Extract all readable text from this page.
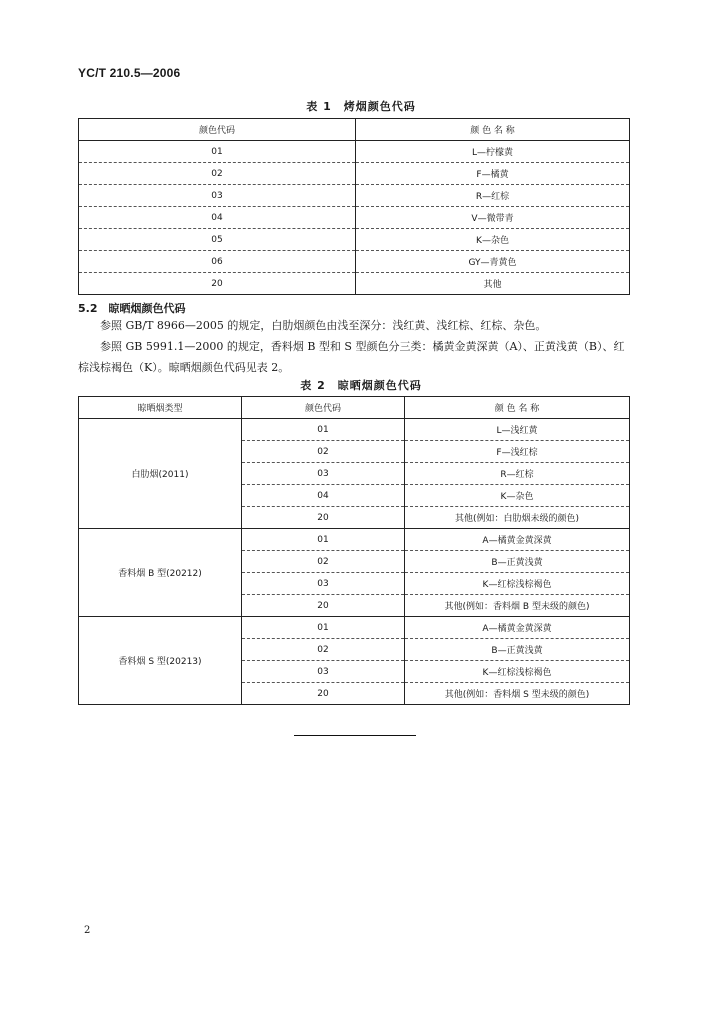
YC/T 210.5—2006
表 1　烤烟颜色代码
颜色代码	颜 色 名 称
01	L—柠檬黄
02	F—橘黄
03	R—红棕
04	V—微带青
05	K—杂色
06	GY—青黄色
20	其他
5.2　晾晒烟颜色代码
参照 GB/T 8966—2005 的规定，白肋烟颜色由浅至深分：浅红黄、浅红棕、红棕、杂色。
参照 GB 5991.1—2000 的规定，香料烟 B 型和 S 型颜色分三类：橘黄金黄深黄（A）、正黄浅黄（B）、红棕浅棕褐色（K）。晾晒烟颜色代码见表 2。
表 2　晾晒烟颜色代码
晾晒烟类型	颜色代码	颜 色 名 称
白肋烟(2011)	01	L—浅红黄
	02	F—浅红棕
	03	R—红棕
	04	K—杂色
	20	其他(例如：白肋烟未级的颜色)
香料烟 B 型(20212)	01	A—橘黄金黄深黄
	02	B—正黄浅黄
	03	K—红棕浅棕褐色
	20	其他(例如：香料烟 B 型未级的颜色)
香料烟 S 型(20213)	01	A—橘黄金黄深黄
	02	B—正黄浅黄
	03	K—红棕浅棕褐色
	20	其他(例如：香料烟 S 型未级的颜色)
2
